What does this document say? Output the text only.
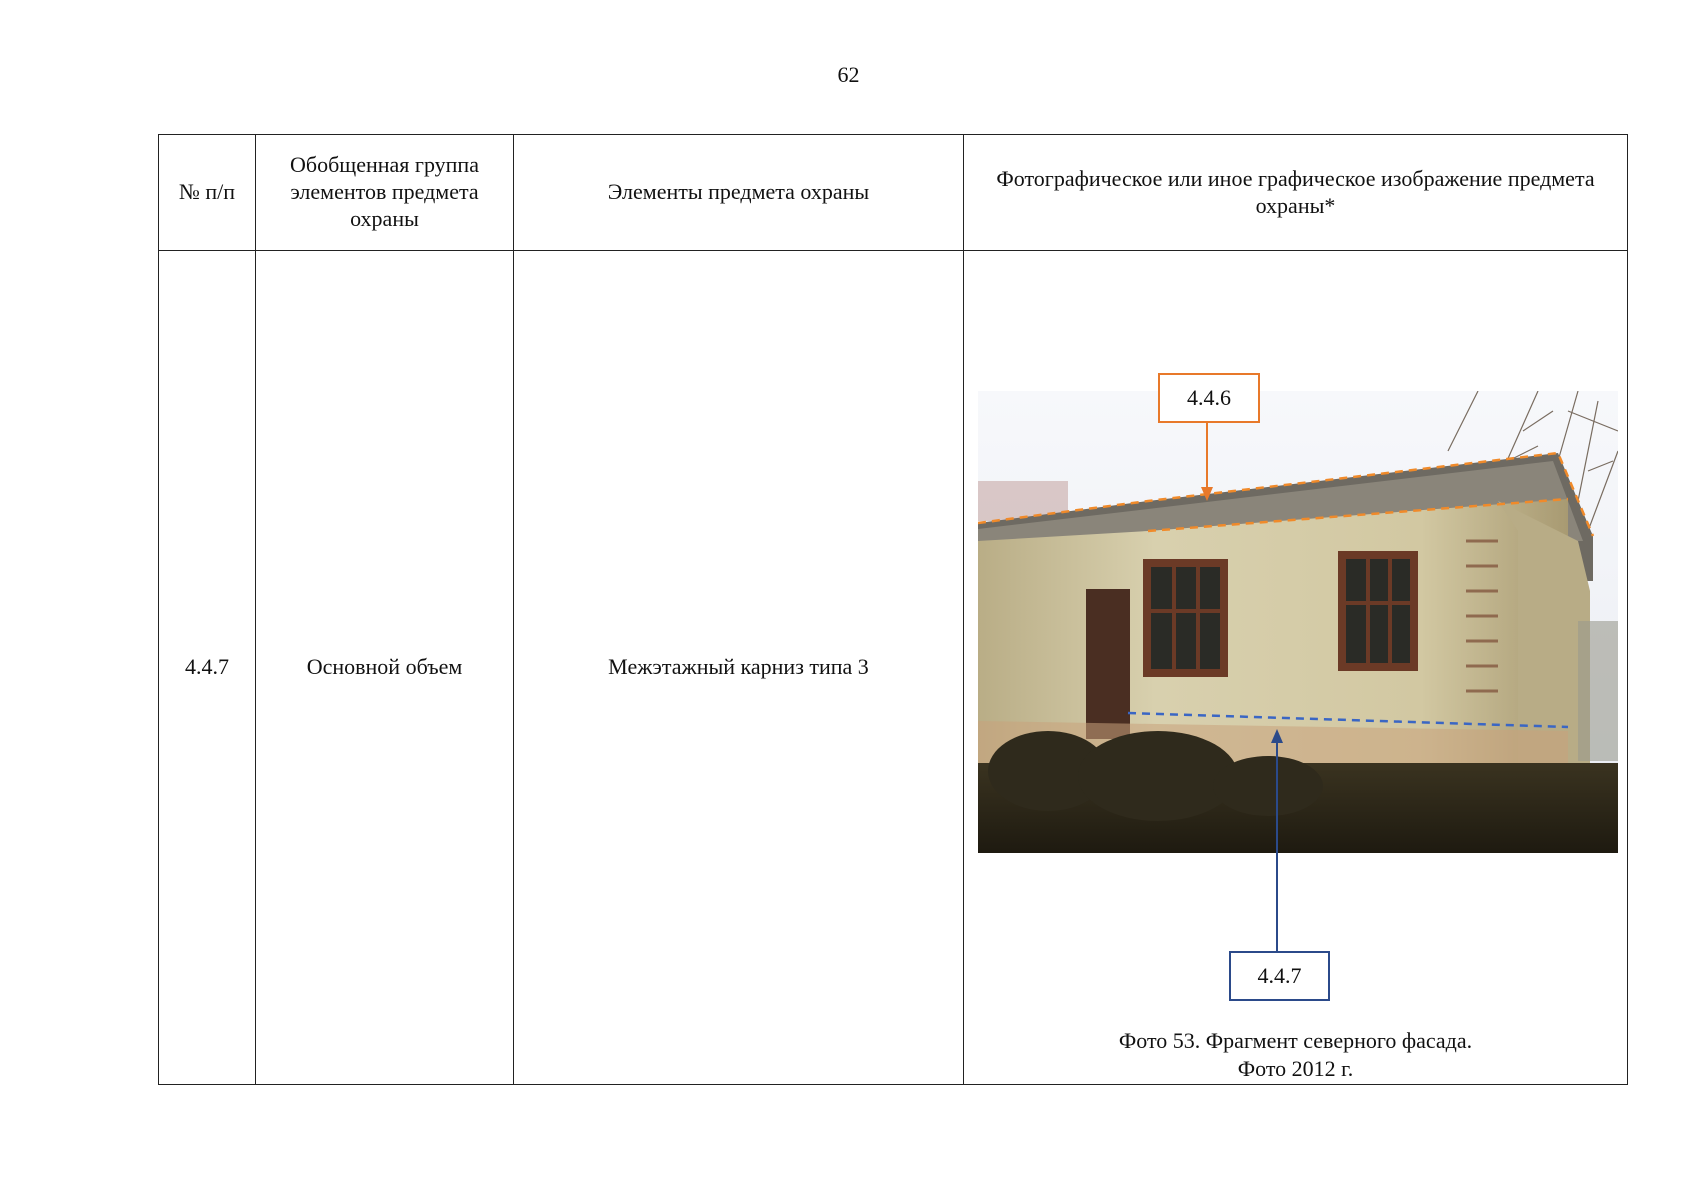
62
№ п/п	Обобщенная группа элементов предмета охраны	Элементы предмета охраны	Фотографическое или иное графическое изображение предмета охраны*
4.4.7	Основной объем	Межэтажный карниз типа 3	4.4.6
4.4.7
Фото 53. Фрагмент северного фасада.
Фото 2012 г.
